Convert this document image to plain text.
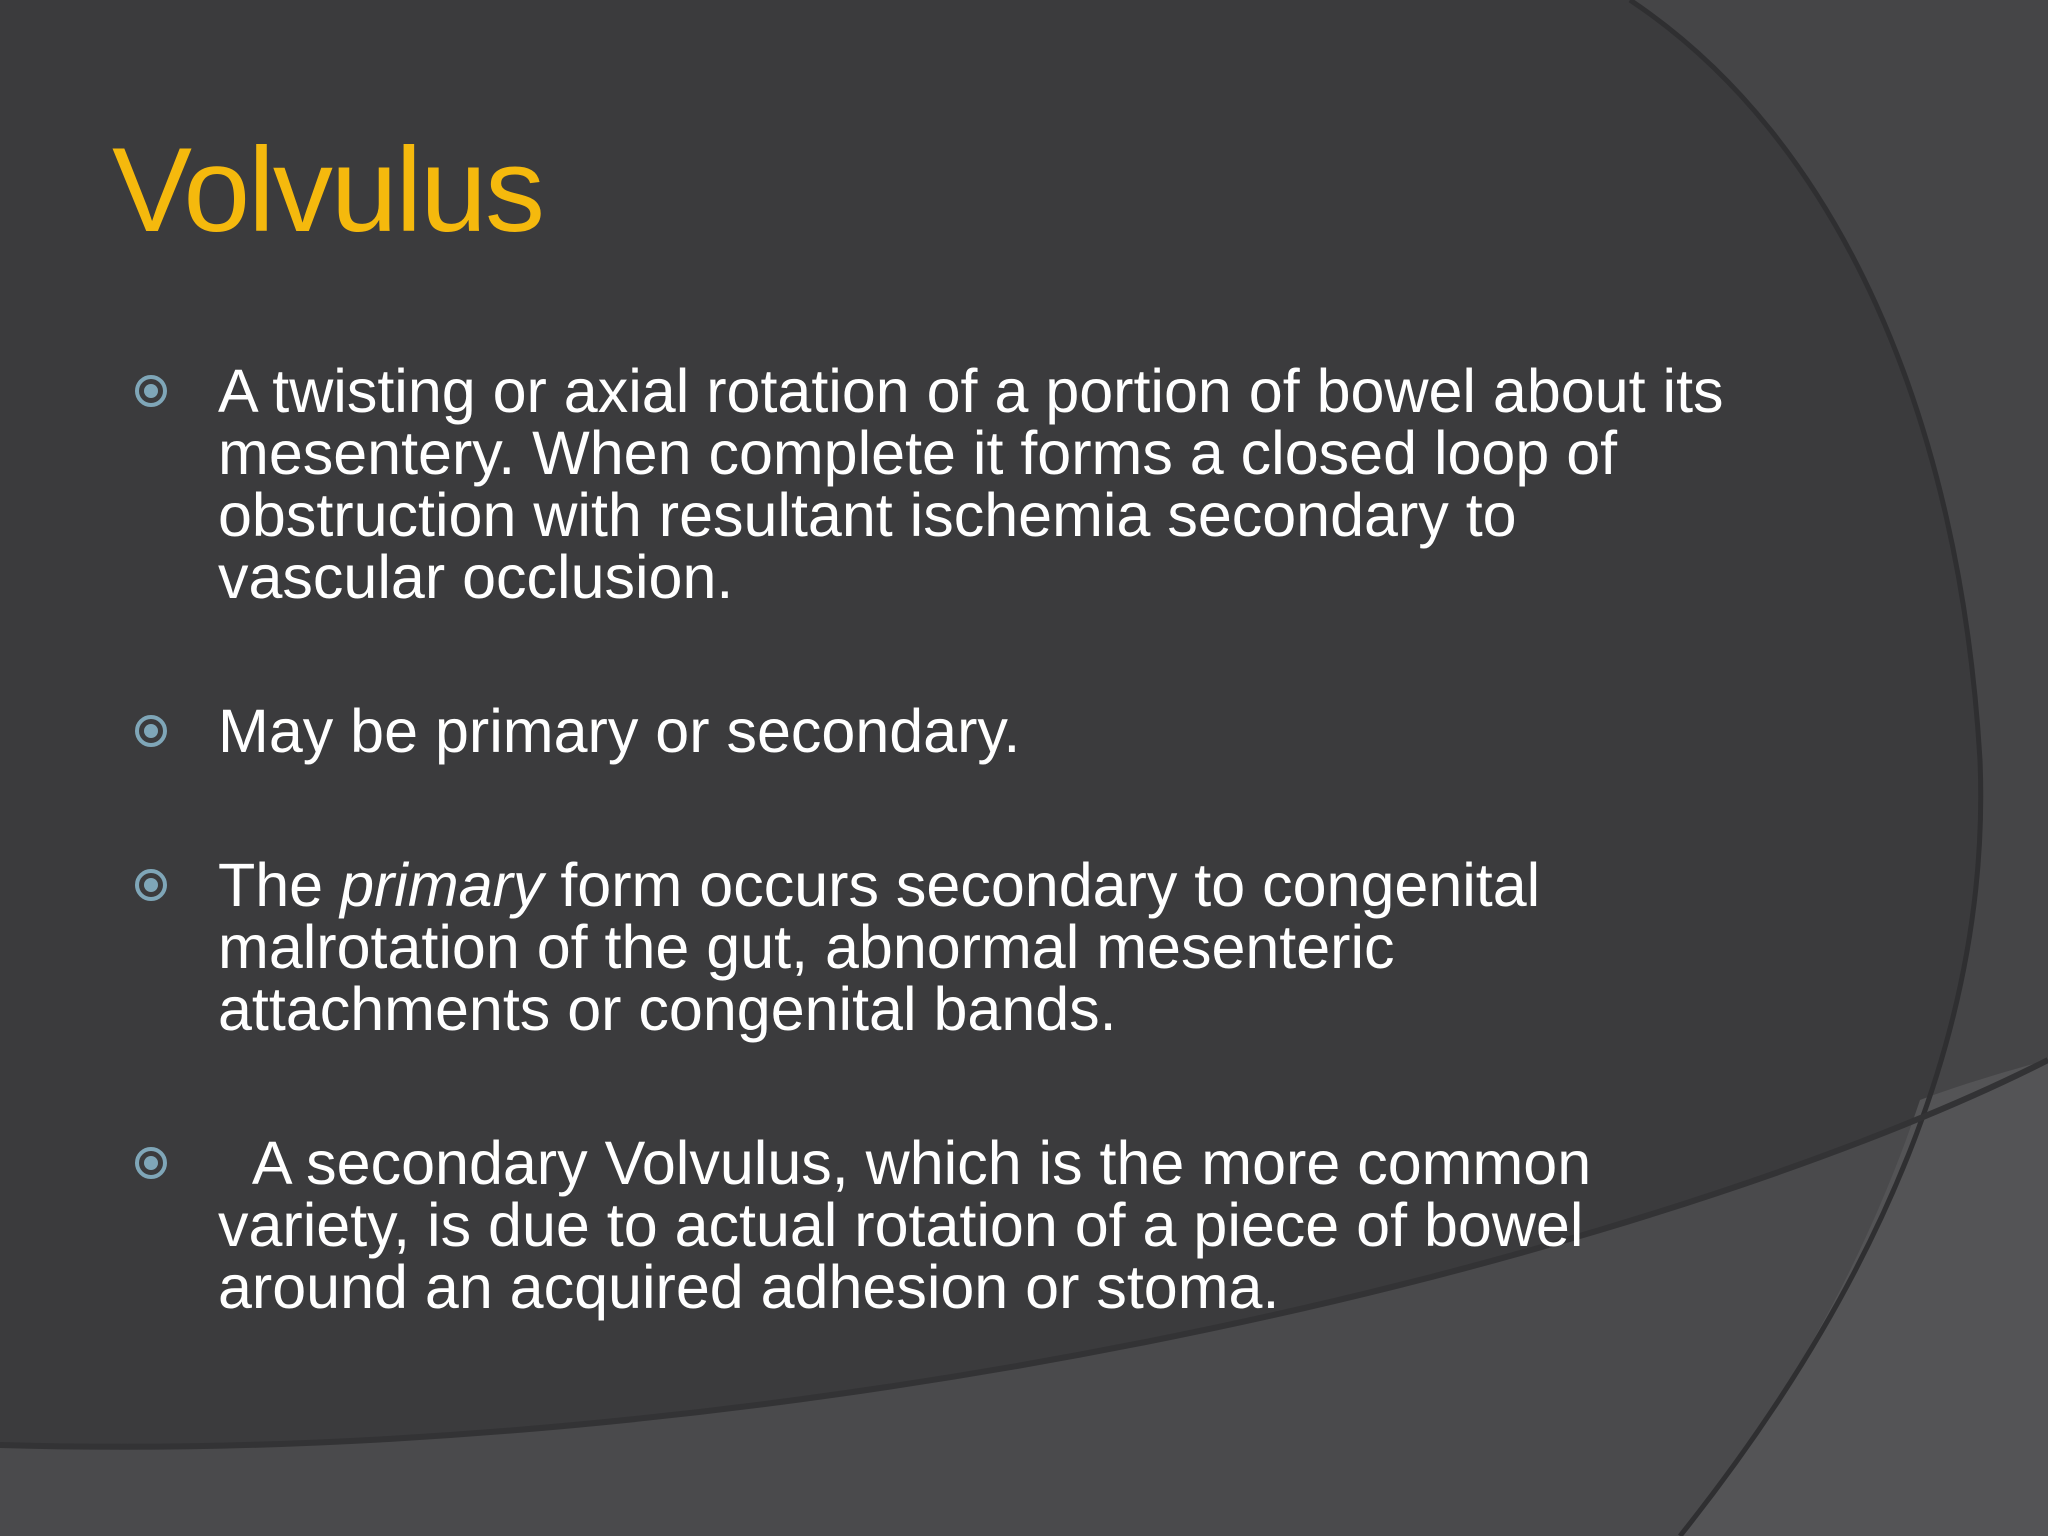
Volvulus
A twisting or axial rotation of a portion of bowel about its mesentery. When complete it forms a closed loop of obstruction with resultant ischemia secondary to vascular occlusion.
May be primary or secondary.
The primary form occurs secondary to congenital malrotation of the gut, abnormal mesenteric attachments or congenital bands.
A secondary Volvulus, which is the more common variety, is due to actual rotation of a piece of bowel around an acquired adhesion or stoma.
